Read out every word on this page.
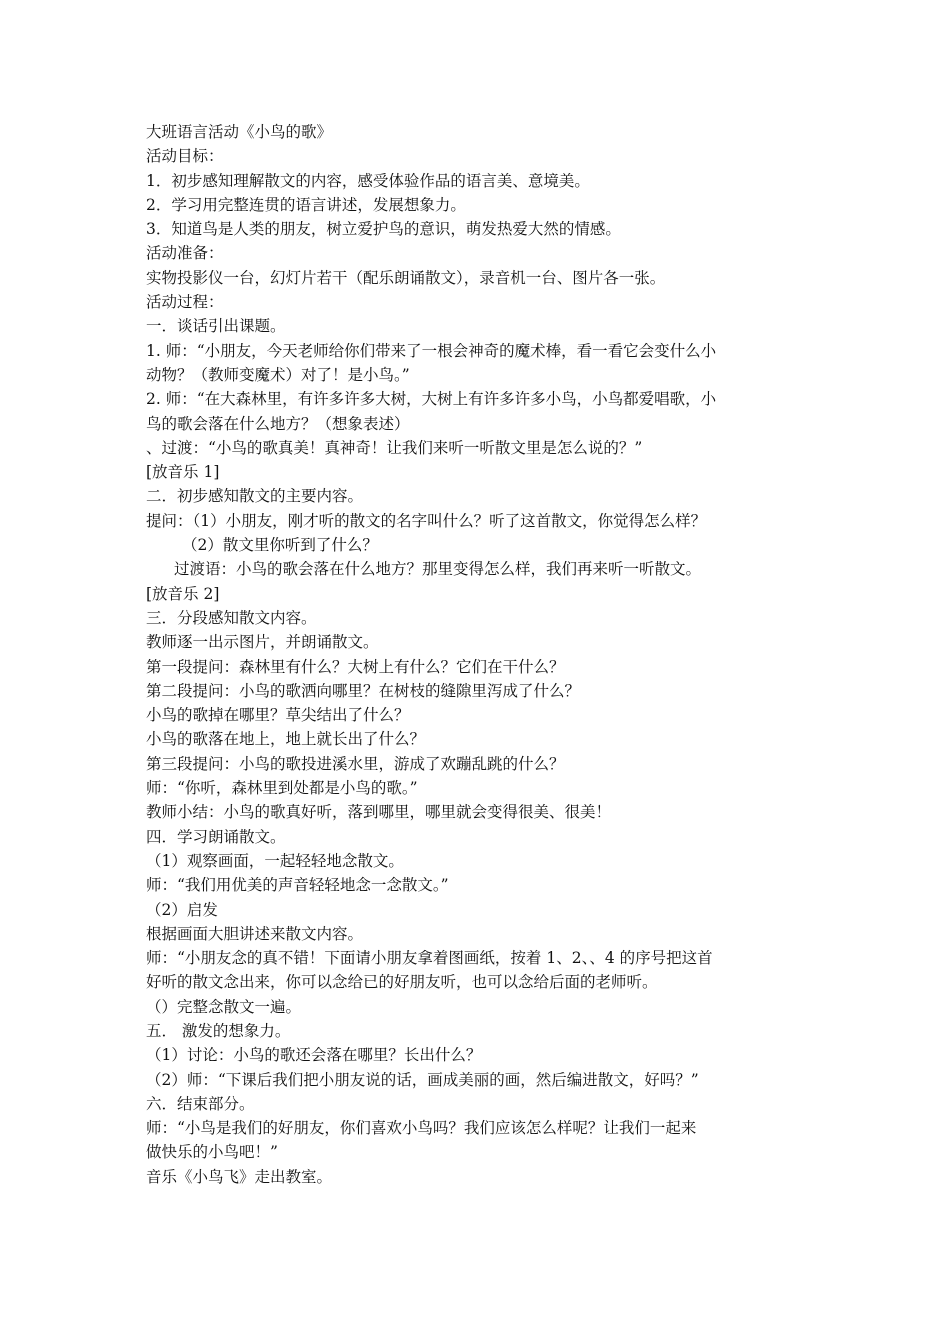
大班语言活动《小鸟的歌》
活动目标：
1．初步感知理解散文的内容，感受体验作品的语言美、意境美。
2．学习用完整连贯的语言讲述，发展想象力。
3．知道鸟是人类的朋友，树立爱护鸟的意识，萌发热爱大然的情感。
活动准备：
实物投影仪一台，幻灯片若干（配乐朗诵散文），录音机一台、图片各一张。
活动过程：
一．谈话引出课题。
1. 师：“小朋友，今天老师给你们带来了一根会神奇的魔术棒，看一看它会变什么小
动物？（教师变魔术）对了！是小鸟。”
2. 师：“在大森林里，有许多许多大树，大树上有许多许多小鸟，小鸟都爱唱歌，小
鸟的歌会落在什么地方？（想象表述）
、过渡：“小鸟的歌真美！真神奇！让我们来听一听散文里是怎么说的？”
[放音乐 1]
二．初步感知散文的主要内容。
提问：（1）小朋友，刚才听的散文的名字叫什么？听了这首散文，你觉得怎么样？
（2）散文里你听到了什么？
过渡语：小鸟的歌会落在什么地方？那里变得怎么样，我们再来听一听散文。
[放音乐 2]
三．分段感知散文内容。
教师逐一出示图片，并朗诵散文。
第一段提问：森林里有什么？大树上有什么？它们在干什么？
第二段提问：小鸟的歌洒向哪里？在树枝的缝隙里泻成了什么？
小鸟的歌掉在哪里？草尖结出了什么？
小鸟的歌落在地上，地上就长出了什么？
第三段提问：小鸟的歌投进溪水里，游成了欢蹦乱跳的什么？
师：“你听，森林里到处都是小鸟的歌。”
教师小结：小鸟的歌真好听，落到哪里，哪里就会变得很美、很美！
四．学习朗诵散文。
（1）观察画面，一起轻轻地念散文。
师：“我们用优美的声音轻轻地念一念散文。”
（2）启发
根据画面大胆讲述来散文内容。
师：“小朋友念的真不错！下面请小朋友拿着图画纸，按着 1、2、、4 的序号把这首
好听的散文念出来，你可以念给已的好朋友听，也可以念给后面的老师听。
（）完整念散文一遍。
五． 激发的想象力。
（1）讨论：小鸟的歌还会落在哪里？长出什么？
（2）师：“下课后我们把小朋友说的话，画成美丽的画，然后编进散文，好吗？”
六．结束部分。
师：“小鸟是我们的好朋友，你们喜欢小鸟吗？我们应该怎么样呢？让我们一起来
做快乐的小鸟吧！”
音乐《小鸟飞》走出教室。
